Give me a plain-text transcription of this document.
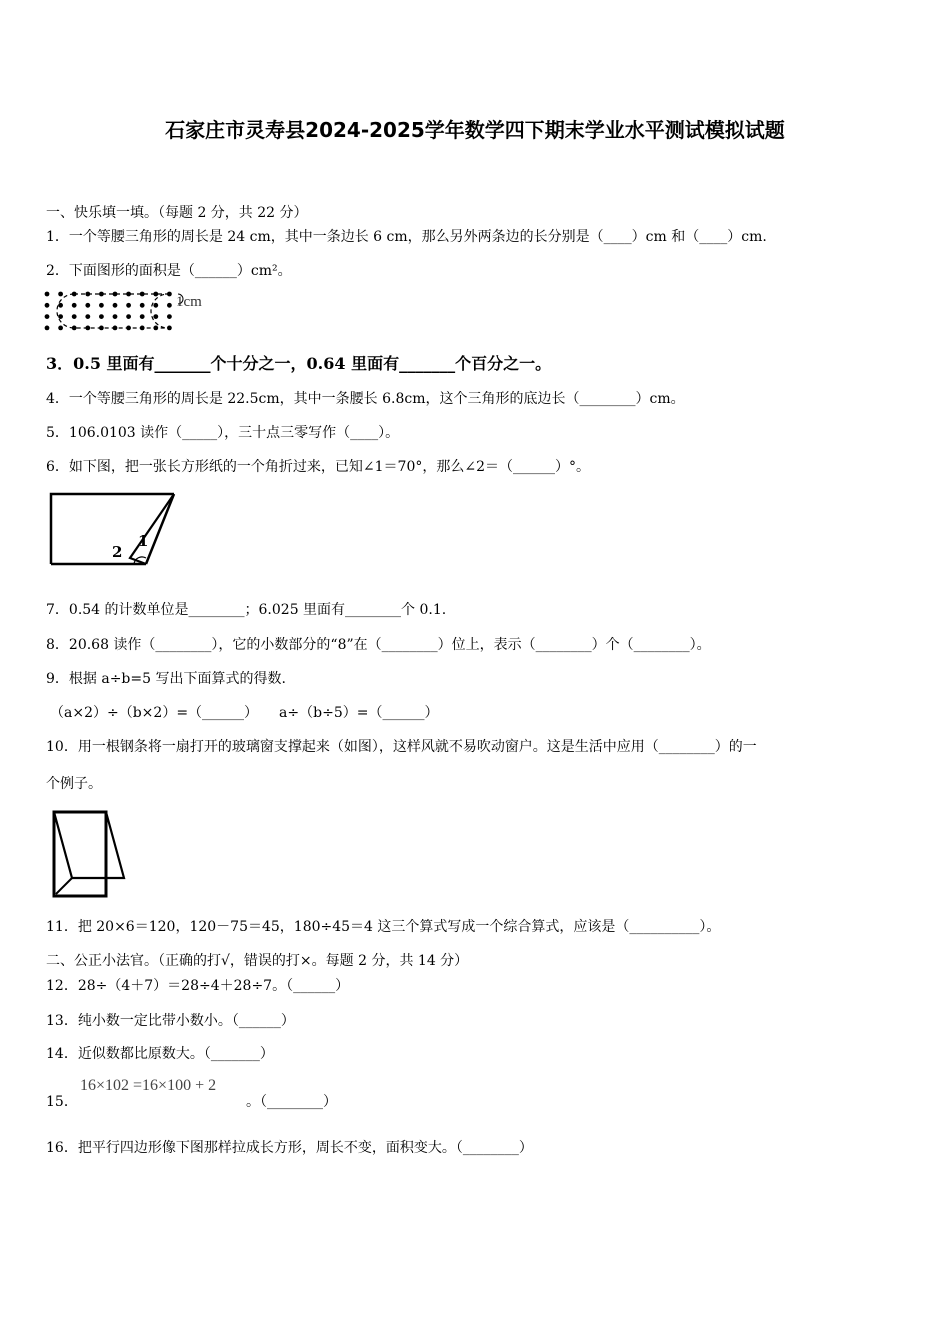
石家庄市灵寿县2024-2025学年数学四下期末学业水平测试模拟试题
一、快乐填一填。（每题 2 分，共 22 分）
1．一个等腰三角形的周长是 24 cm，其中一条边长 6 cm，那么另外两条边的长分别是（____）cm 和（____）cm.
2．下面图形的面积是（______）cm²。
1cm
3．0.5 里面有_______个十分之一，0.64 里面有_______个百分之一。
4．一个等腰三角形的周长是 22.5cm，其中一条腰长 6.8cm，这个三角形的底边长（________）cm。
5．106.0103 读作（_____），三十点三零写作（____）。
6．如下图，把一张长方形纸的一个角折过来，已知∠1＝70°，那么∠2＝（______）°。
1
2
7．0.54 的计数单位是________；6.025 里面有________个 0.1.
8．20.68 读作（________），它的小数部分的“8”在（________）位上，表示（________）个（________）。
9．根据 a÷b=5 写出下面算式的得数.
（a×2）÷（b×2）=（______）　　a÷（b÷5）=（______）
10．用一根钢条将一扇打开的玻璃窗支撑起来（如图），这样风就不易吹动窗户。这是生活中应用（________）的一
个例子。
11．把 20×6＝120，120－75＝45，180÷45＝4 这三个算式写成一个综合算式，应该是（__________）。
二、公正小法官。（正确的打√，错误的打×。每题 2 分，共 14 分）
12．28÷（4＋7）＝28÷4＋28÷7。（______）
13．纯小数一定比带小数小。（______）
14．近似数都比原数大。（_______）
15．
16×102 =16×100 + 2
。（________）
16．把平行四边形像下图那样拉成长方形，周长不变，面积变大。（________）
